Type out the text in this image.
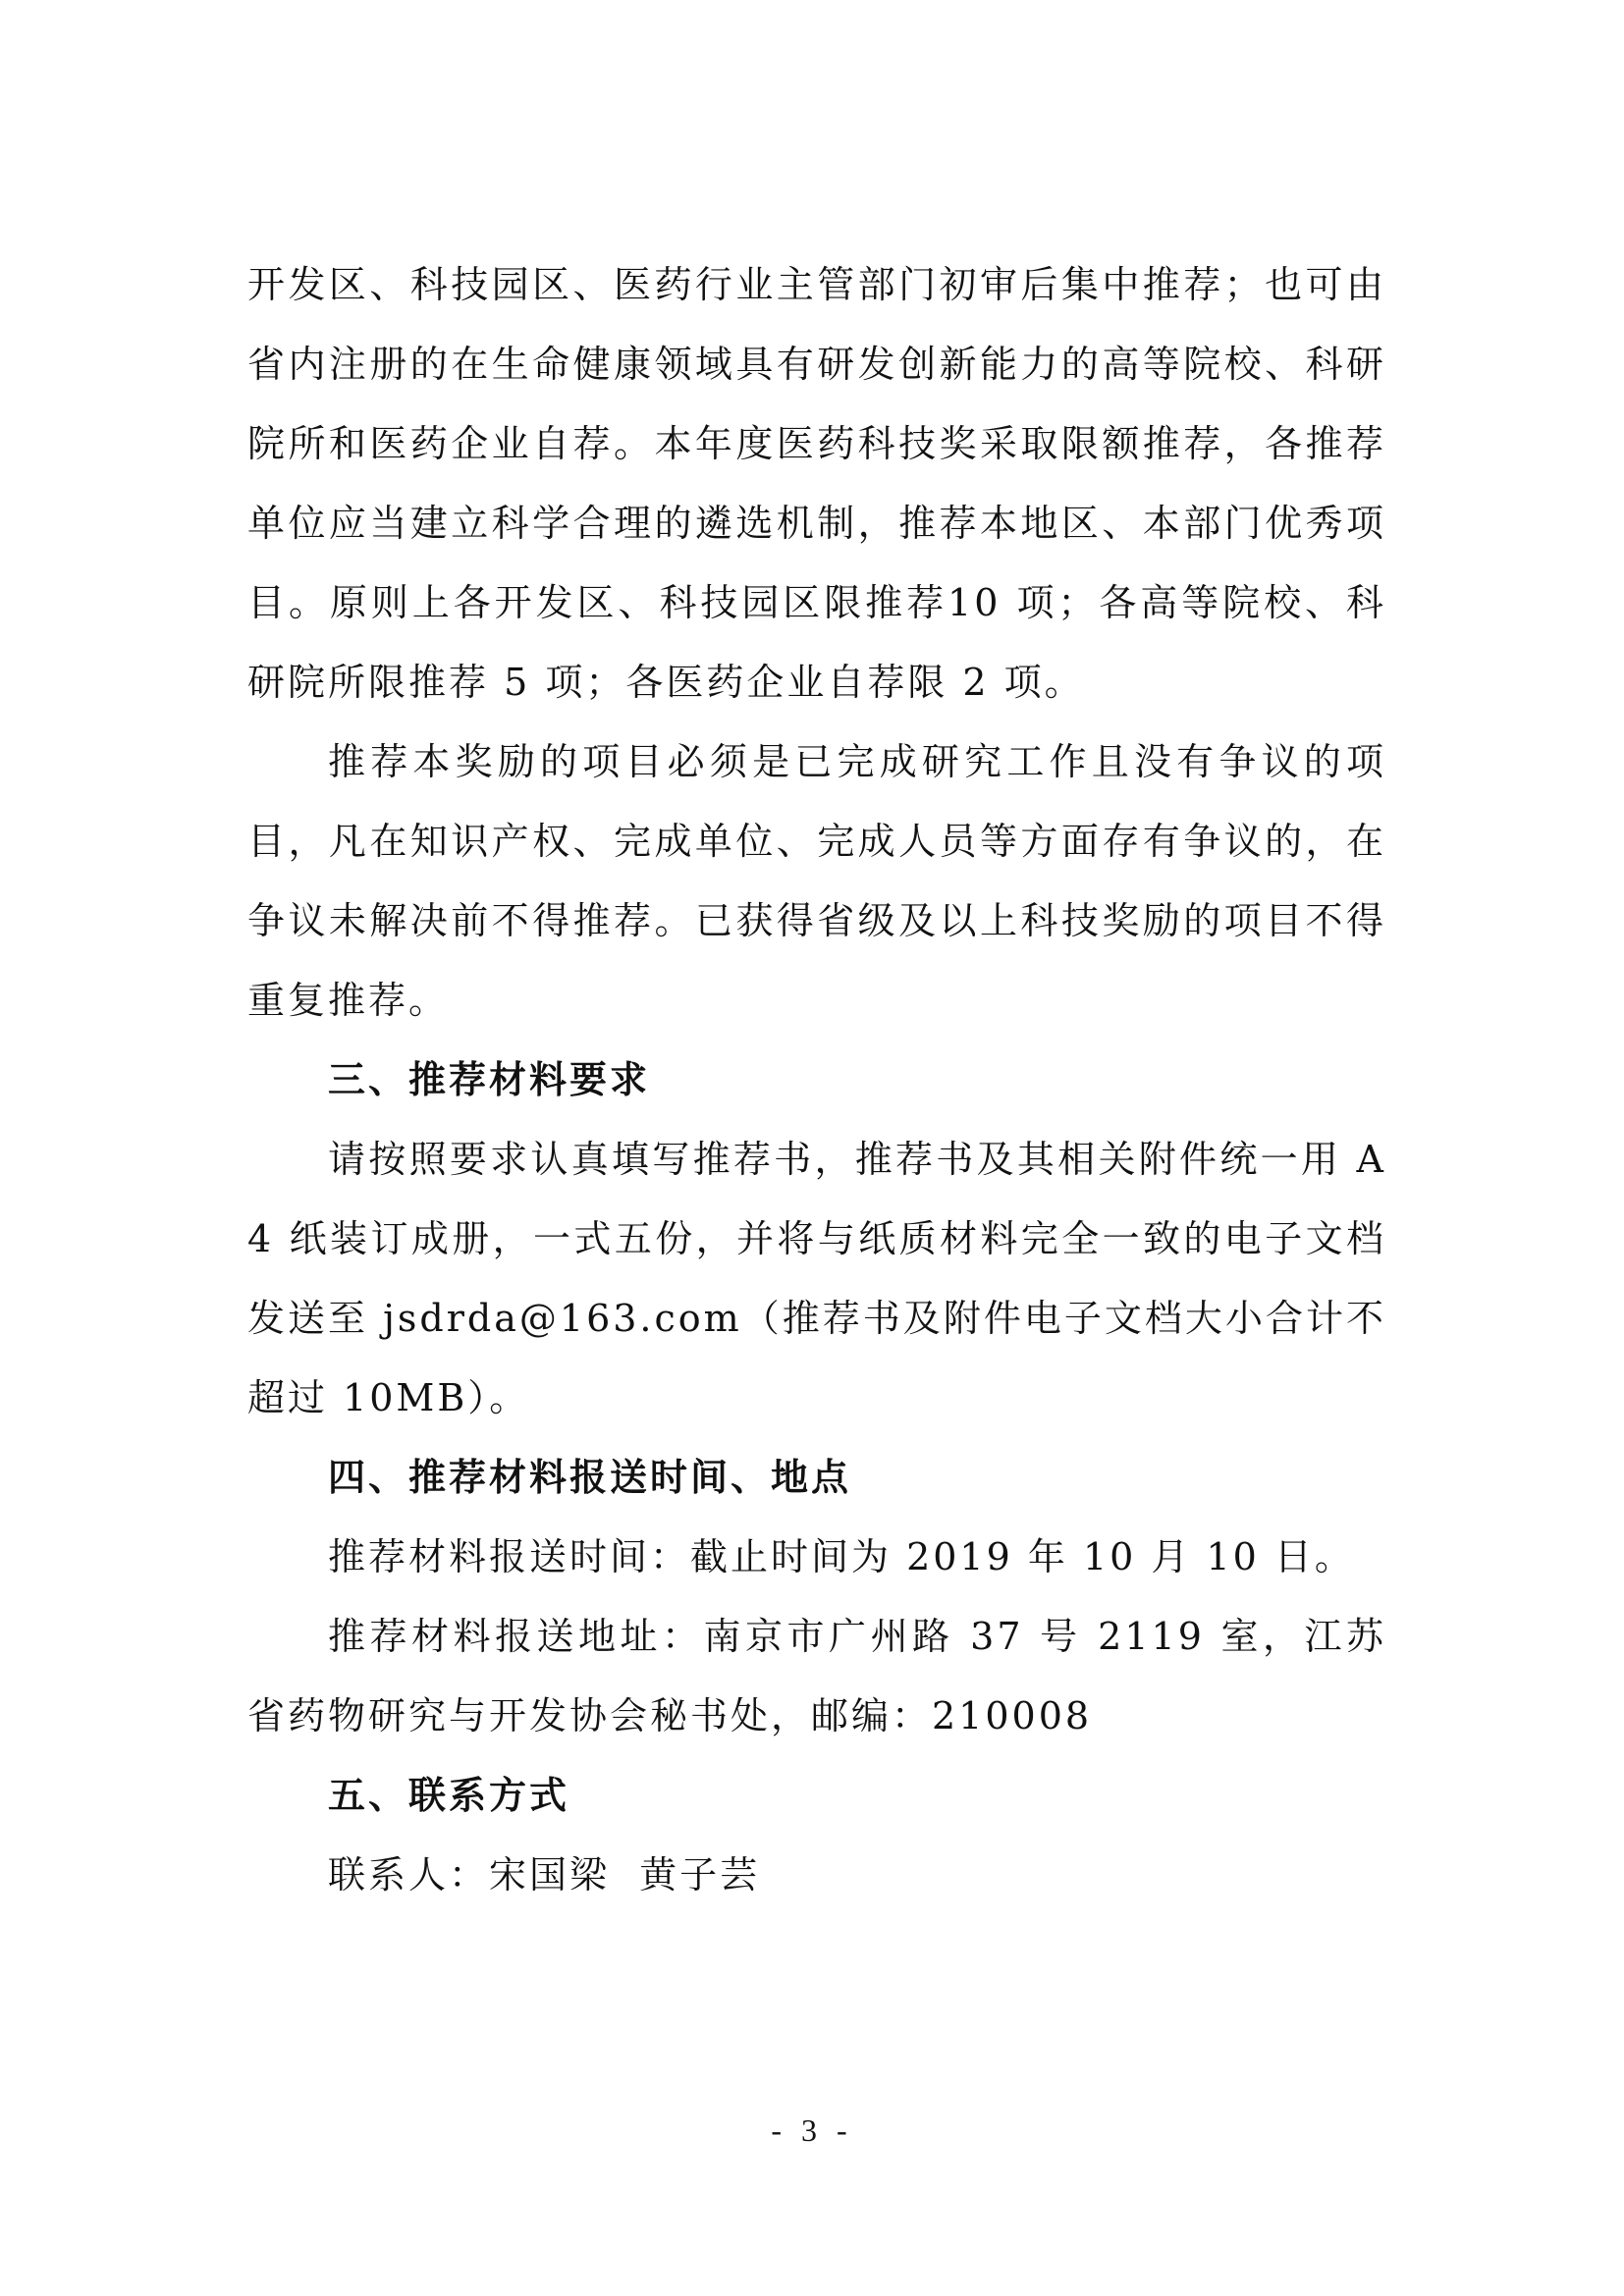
开发区、科技园区、医药行业主管部门初审后集中推荐；也可由省内注册的在生命健康领域具有研发创新能力的高等院校、科研院所和医药企业自荐。本年度医药科技奖采取限额推荐，各推荐单位应当建立科学合理的遴选机制，推荐本地区、本部门优秀项目。原则上各开发区、科技园区限推荐10 项；各高等院校、科研院所限推荐 5 项；各医药企业自荐限 2 项。

推荐本奖励的项目必须是已完成研究工作且没有争议的项目，凡在知识产权、完成单位、完成人员等方面存有争议的，在争议未解决前不得推荐。已获得省级及以上科技奖励的项目不得重复推荐。

三、推荐材料要求

请按照要求认真填写推荐书，推荐书及其相关附件统一用 A4 纸装订成册，一式五份，并将与纸质材料完全一致的电子文档发送至 jsdrda@163.com（推荐书及附件电子文档大小合计不超过 10MB）。

四、推荐材料报送时间、地点

推荐材料报送时间：截止时间为 2019 年 10 月 10 日。

推荐材料报送地址：南京市广州路 37 号 2119 室，江苏省药物研究与开发协会秘书处，邮编：210008

五、联系方式

联系人：宋国梁  黄子芸

- 3 -
